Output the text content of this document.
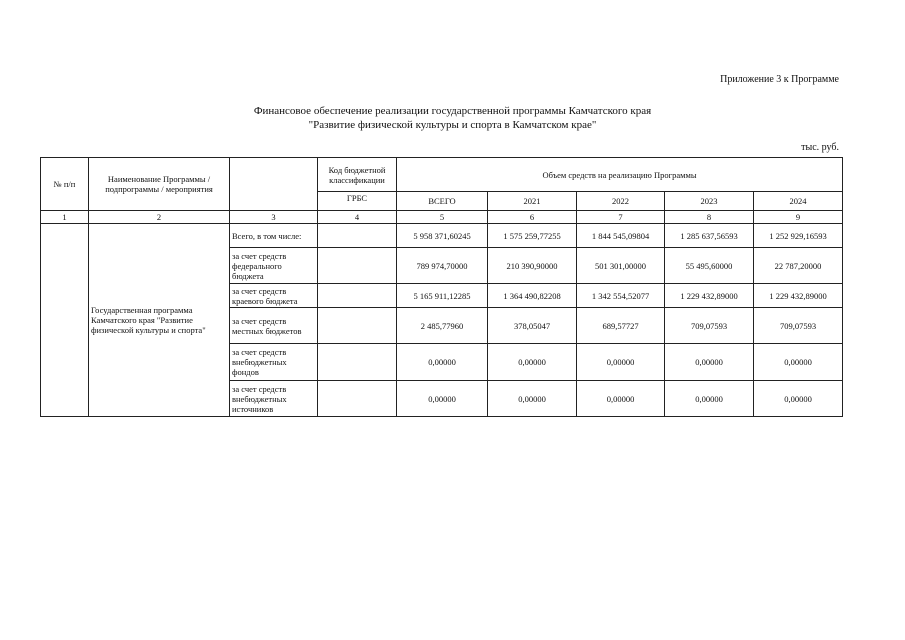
Приложение 3 к Программе
Финансовое обеспечение реализации государственной программы Камчатского края
"Развитие физической культуры и спорта в Камчатском крае"
тыс. руб.
№ п/п	Наименование Программы / подпрограммы / мероприятия		Код бюджетной классификации	Объем средств на реализацию Программы				
			ГРБС	ВСЕГО	2021	2022	2023	2024
1	2	3	4	5	6	7	8	9
	Государственная программа Камчатского края "Развитие физической культуры и спорта"	Всего, в том числе:		5 958 371,60245	1 575 259,77255	1 844 545,09804	1 285 637,56593	1 252 929,16593
		за счет средств федерального бюджета		789 974,70000	210 390,90000	501 301,00000	55 495,60000	22 787,20000
		за счет средств краевого бюджета		5 165 911,12285	1 364 490,82208	1 342 554,52077	1 229 432,89000	1 229 432,89000
		за счет средств местных бюджетов		2 485,77960	378,05047	689,57727	709,07593	709,07593
		за счет средств внебюджетных фондов		0,00000	0,00000	0,00000	0,00000	0,00000
		за счет средств внебюджетных источников		0,00000	0,00000	0,00000	0,00000	0,00000
